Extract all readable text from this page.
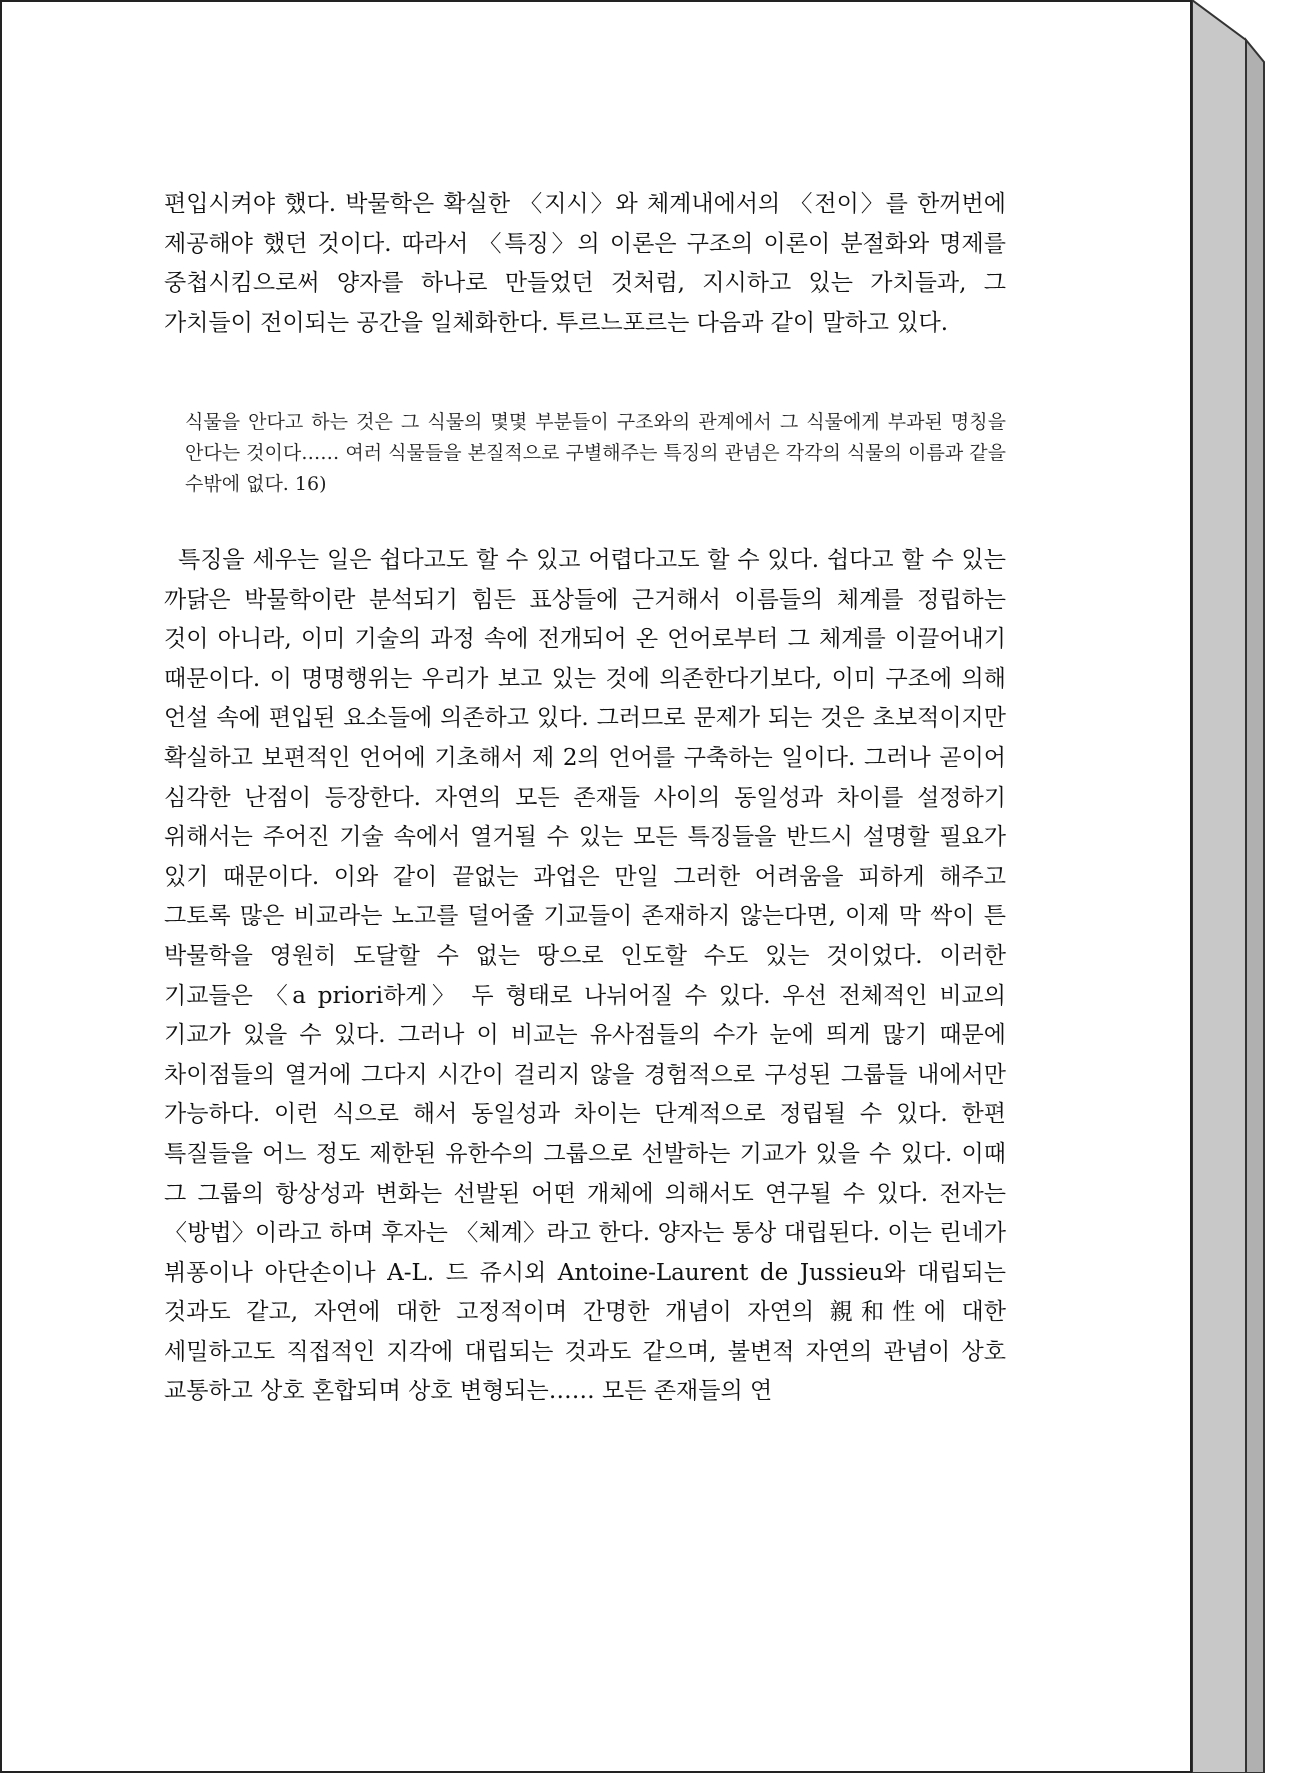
편입시켜야 했다. 박물학은 확실한 〈지시〉와 체계내에서의 〈전이〉를 한꺼번에 제공해야 했던 것이다. 따라서 〈특징〉의 이론은 구조의 이론이 분절화와 명제를 중첩시킴으로써 양자를 하나로 만들었던 것처럼, 지시하고 있는 가치들과, 그 가치들이 전이되는 공간을 일체화한다. 투르느포르는 다음과 같이 말하고 있다.

식물을 안다고 하는 것은 그 식물의 몇몇 부분들이 구조와의 관계에서 그 식물에게 부과된 명칭을 안다는 것이다…… 여러 식물들을 본질적으로 구별해주는 특징의 관념은 각각의 식물의 이름과 같을 수밖에 없다. 16)

특징을 세우는 일은 쉽다고도 할 수 있고 어렵다고도 할 수 있다. 쉽다고 할 수 있는 까닭은 박물학이란 분석되기 힘든 표상들에 근거해서 이름들의 체계를 정립하는 것이 아니라, 이미 기술의 과정 속에 전개되어 온 언어로부터 그 체계를 이끌어내기 때문이다. 이 명명행위는 우리가 보고 있는 것에 의존한다기보다, 이미 구조에 의해 언설 속에 편입된 요소들에 의존하고 있다. 그러므로 문제가 되는 것은 초보적이지만 확실하고 보편적인 언어에 기초해서 제 2의 언어를 구축하는 일이다. 그러나 곧이어 심각한 난점이 등장한다. 자연의 모든 존재들 사이의 동일성과 차이를 설정하기 위해서는 주어진 기술 속에서 열거될 수 있는 모든 특징들을 반드시 설명할 필요가 있기 때문이다. 이와 같이 끝없는 과업은 만일 그러한 어려움을 피하게 해주고 그토록 많은 비교라는 노고를 덜어줄 기교들이 존재하지 않는다면, 이제 막 싹이 튼 박물학을 영원히 도달할 수 없는 땅으로 인도할 수도 있는 것이었다. 이러한 기교들은 〈a priori하게〉 두 형태로 나뉘어질 수 있다. 우선 전체적인 비교의 기교가 있을 수 있다. 그러나 이 비교는 유사점들의 수가 눈에 띄게 많기 때문에 차이점들의 열거에 그다지 시간이 걸리지 않을 경험적으로 구성된 그룹들 내에서만 가능하다. 이런 식으로 해서 동일성과 차이는 단계적으로 정립될 수 있다. 한편 특질들을 어느 정도 제한된 유한수의 그룹으로 선발하는 기교가 있을 수 있다. 이때 그 그룹의 항상성과 변화는 선발된 어떤 개체에 의해서도 연구될 수 있다. 전자는 〈방법〉이라고 하며 후자는 〈체계〉라고 한다. 양자는 통상 대립된다. 이는 린네가 뷔퐁이나 아단손이나 A-L. 드 쥬시외 Antoine-Laurent de Jussieu와 대립되는 것과도 같고, 자연에 대한 고정적이며 간명한 개념이 자연의 親和性에 대한 세밀하고도 직접적인 지각에 대립되는 것과도 같으며, 불변적 자연의 관념이 상호 교통하고 상호 혼합되며 상호 변형되는…… 모든 존재들의 연
